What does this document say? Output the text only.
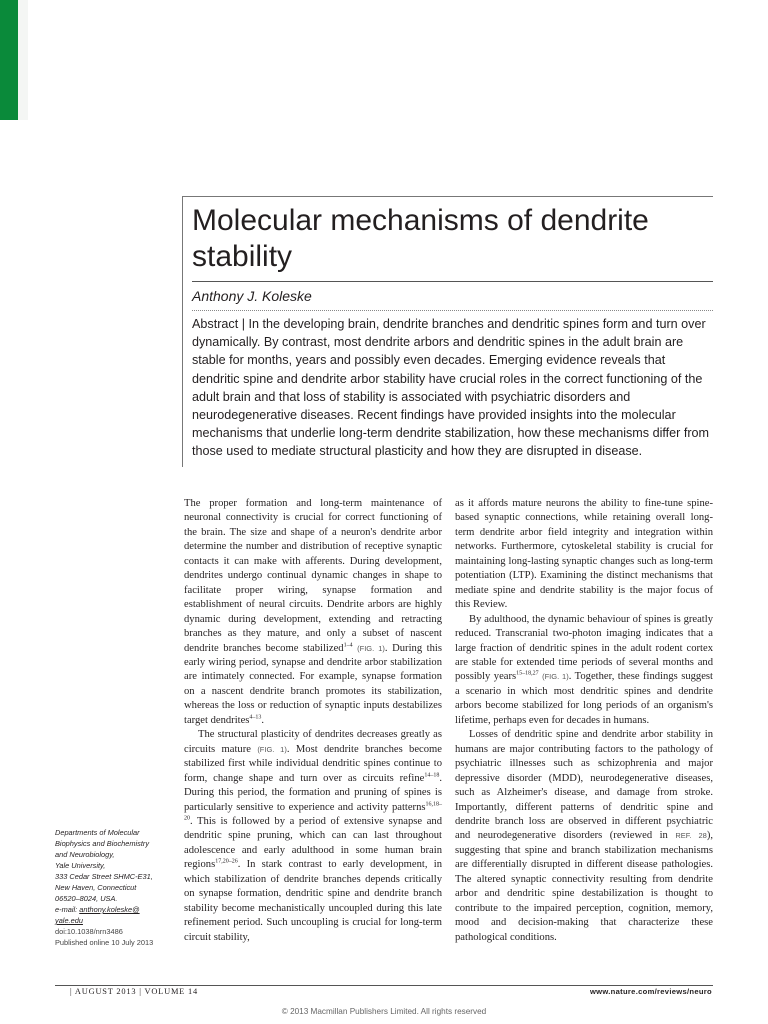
Molecular mechanisms of dendrite
stability
Anthony J. Koleske

Abstract | In the developing brain, dendrite branches and dendritic spines form and turn over dynamically. By contrast, most dendrite arbors and dendritic spines in the adult brain are stable for months, years and possibly even decades. Emerging evidence reveals that dendritic spine and dendrite arbor stability have crucial roles in the correct functioning of the adult brain and that loss of stability is associated with psychiatric disorders and neurodegenerative diseases. Recent findings have provided insights into the molecular mechanisms that underlie long-term dendrite stabilization, how these mechanisms differ from those used to mediate structural plasticity and how they are disrupted in disease.

The proper formation and long-term maintenance of neuronal connectivity is crucial for correct functioning of the brain. The size and shape of a neuron's dendrite arbor determine the number and distribution of receptive synaptic contacts it can make with afferents. During development, dendrites undergo continual dynamic changes in shape to facilitate proper wiring, synapse formation and establishment of neural circuits. Dendrite arbors are highly dynamic during development, extending and retracting branches as they mature, and only a subset of nascent dendrite branches become stabilized$^{1-4}$ (FIG. 1). During this early wiring period, synapse and dendrite arbor stabilization are intimately connected. For example, synapse formation on a nascent dendrite branch promotes its stabilization, whereas the loss or reduction of synaptic inputs destabilizes target dendrites$^{4-13}$.

The structural plasticity of dendrites decreases greatly as circuits mature (FIG. 1). Most dendrite branches become stabilized first while individual dendritic spines continue to form, change shape and turn over as circuits refine$^{14-18}$. During this period, the formation and pruning of spines is particularly sensitive to experience and activity patterns$^{16,18-20}$. This is followed by a period of extensive synapse and dendritic spine pruning, which can can last throughout adolescence and early adulthood in some human brain regions$^{17,20-26}$. In stark contrast to early development, in which stabilization of dendrite branches depends critically on synapse formation, dendritic spine and dendrite branch stability become mechanistically uncoupled during this late refinement period. Such uncoupling is crucial for long-term circuit stability,

as it affords mature neurons the ability to fine-tune spine-based synaptic connections, while retaining overall long-term dendrite arbor field integrity and integration within networks. Furthermore, cytoskeletal stability is crucial for maintaining long-lasting synaptic changes such as long-term potentiation (LTP). Examining the distinct mechanisms that mediate spine and dendrite stability is the major focus of this Review.

By adulthood, the dynamic behaviour of spines is greatly reduced. Transcranial two-photon imaging indicates that a large fraction of dendritic spines in the adult rodent cortex are stable for extended time periods of several months and possibly years$^{15-18,27}$ (FIG. 1). Together, these findings suggest a scenario in which most dendritic spines and dendrite arbors become stabilized for long periods of an organism's lifetime, perhaps even for decades in humans.

Losses of dendritic spine and dendrite arbor stability in humans are major contributing factors to the pathology of psychiatric illnesses such as schizophrenia and major depressive disorder (MDD), neurodegenerative diseases, such as Alzheimer's disease, and damage from stroke. Importantly, different patterns of dendritic spine and dendrite branch loss are observed in different psychiatric and neurodegenerative disorders (reviewed in REF. 28), suggesting that spine and branch stabilization mechanisms are differentially disrupted in different disease pathologies. The altered synaptic connectivity resulting from dendrite arbor and dendritic spine destabilization is thought to contribute to the impaired perception, cognition, memory, mood and decision-making that characterize these pathological conditions.

Departments of Molecular
Biophysics and Biochemistry
and Neurobiology,
Yale University,
333 Cedar Street SHMC-E31,
New Haven, Connecticut
06520–8024, USA.
e-mail: anthony.koleske@
yale.edu
doi:10.1038/nrn3486
Published online 10 July 2013
| AUGUST 2013 | VOLUME 14	www.nature.com/reviews/neuro
© 2013 Macmillan Publishers Limited. All rights reserved
